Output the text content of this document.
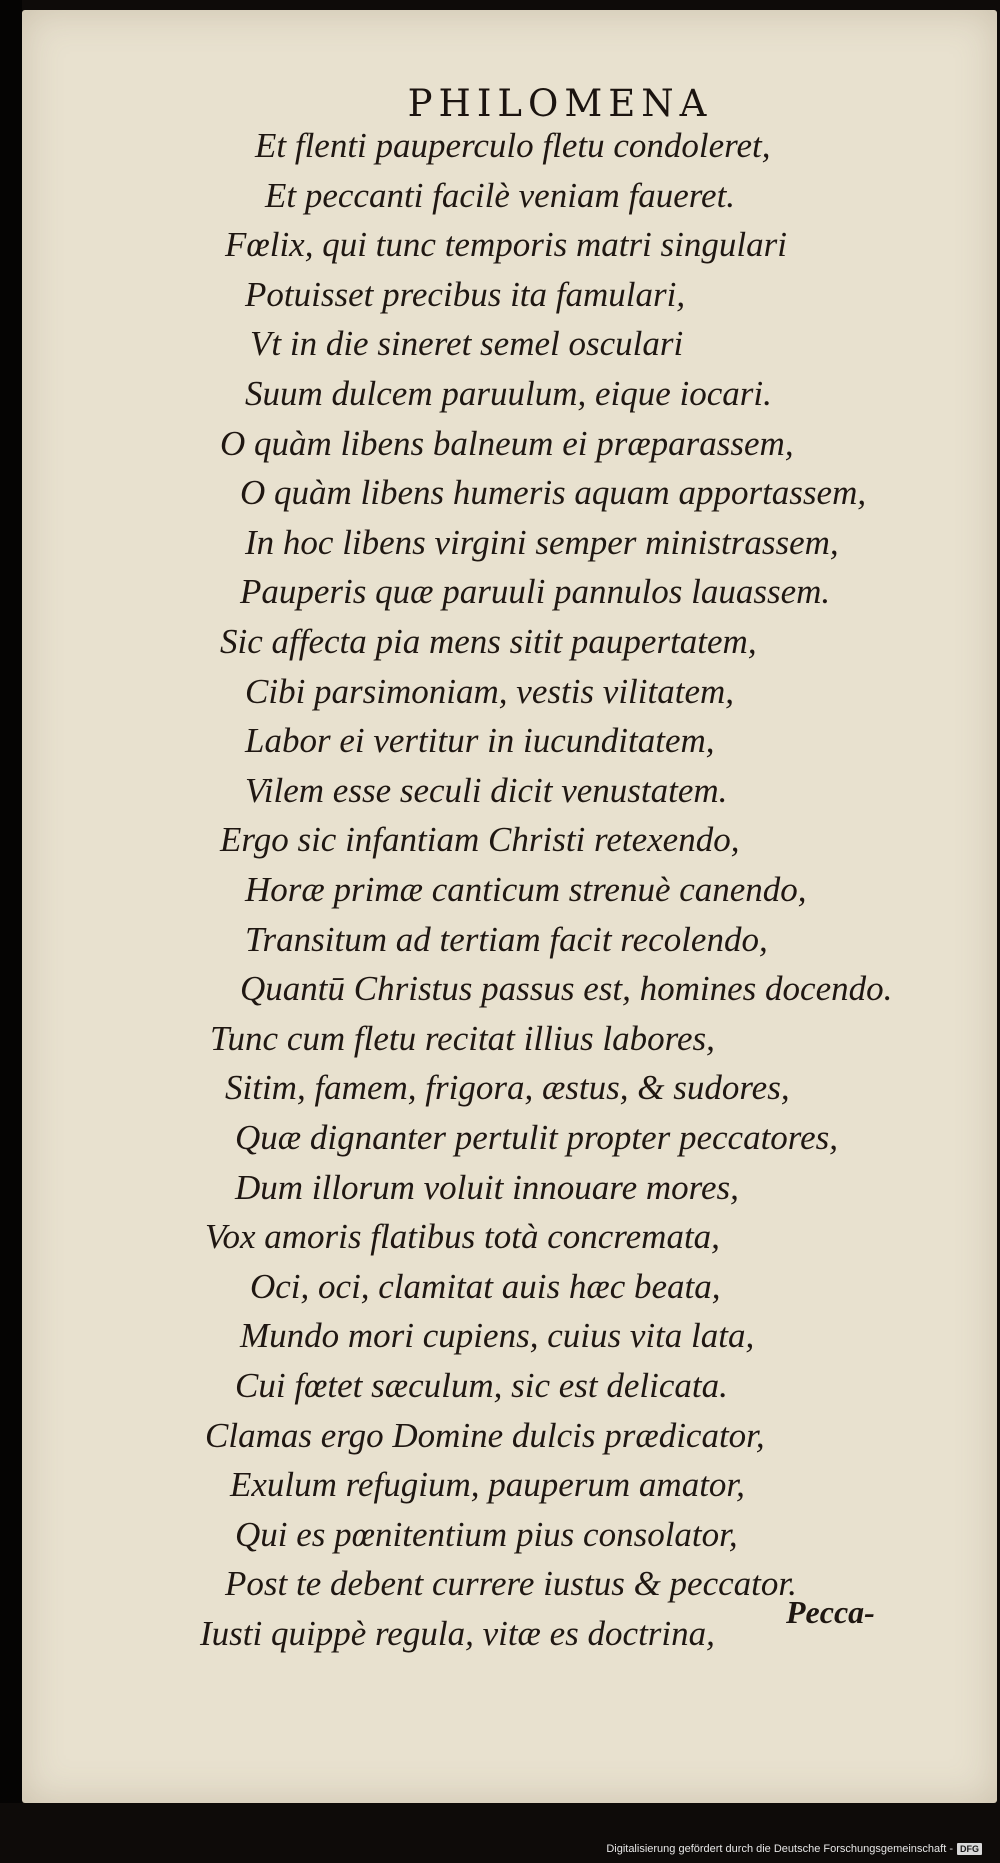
PHILOMENA
Et flenti pauperculo fletu condoleret,
Et peccanti facilè veniam faueret.
Fœlix, qui tunc temporis matri singulari
Potuisset precibus ita famulari,
Vt in die sineret semel osculari
Suum dulcem paruulum, eique iocari.
O quàm libens balneum ei præparassem,
O quàm libens humeris aquam apportassem,
In hoc libens virgini semper ministrassem,
Pauperis quæ paruuli pannulos lauassem.
Sic affecta pia mens sitit paupertatem,
Cibi parsimoniam, vestis vilitatem,
Labor ei vertitur in iucunditatem,
Vilem esse seculi dicit venustatem.
Ergo sic infantiam Christi retexendo,
Horæ primæ canticum strenuè canendo,
Transitum ad tertiam facit recolendo,
Quantū Christus passus est, homines docendo.
Tunc cum fletu recitat illius labores,
Sitim, famem, frigora, æstus, & sudores,
Quæ dignanter pertulit propter peccatores,
Dum illorum voluit innouare mores,
Vox amoris flatibus totà concremata,
Oci, oci, clamitat auis hæc beata,
Mundo mori cupiens, cuius vita lata,
Cui fœtet sæculum, sic est delicata.
Clamas ergo Domine dulcis prædicator,
Exulum refugium, pauperum amator,
Qui es pœnitentium pius consolator,
Post te debent currere iustus & peccator.
Iusti quippè regula, vitæ es doctrina,
Pecca-
Digitalisierung gefördert durch die Deutsche Forschungsgemeinschaft - DFG
